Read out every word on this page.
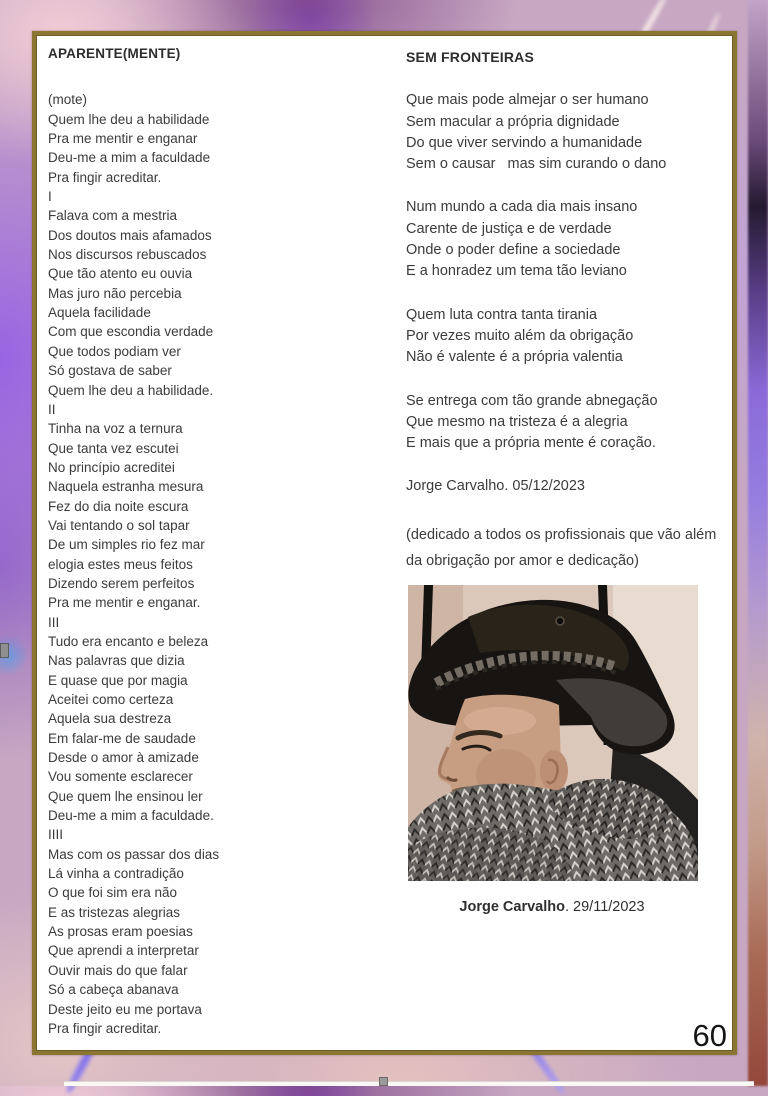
APARENTE(MENTE)
(mote)
Quem lhe deu a habilidade
Pra me mentir e enganar
Deu-me a mim a faculdade
Pra fingir acreditar.
I
Falava com a mestria
Dos doutos mais afamados
Nos discursos rebuscados
Que tão atento eu ouvia
Mas juro não percebia
Aquela facilidade
Com que escondia verdade
Que todos podiam ver
Só gostava de saber
Quem lhe deu a habilidade.
II
Tinha na voz a ternura
Que tanta vez escutei
No princípio acreditei
Naquela estranha mesura
Fez do dia noite escura
Vai tentando o sol tapar
De um simples rio fez mar
elogia estes meus feitos
Dizendo serem perfeitos
Pra me mentir e enganar.
III
Tudo era encanto e beleza
Nas palavras que dizia
E quase que por magia
Aceitei como certeza
Aquela sua destreza
Em falar-me de saudade
Desde o amor à amizade
Vou somente esclarecer
Que quem lhe ensinou ler
Deu-me a mim a faculdade.
IIII
Mas com os passar dos dias
Lá vinha a contradição
O que foi sim era não
E as tristezas alegrias
As prosas eram poesias
Que aprendi a interpretar
Ouvir mais do que falar
Só a cabeça abanava
Deste jeito eu me portava
Pra fingir acreditar.
SEM FRONTEIRAS
Que mais pode almejar o ser humano
Sem macular a própria dignidade
Do que viver servindo a humanidade
Sem o causar   mas sim curando o dano
Num mundo a cada dia mais insano
Carente de justiça e de verdade
Onde o poder define a sociedade
E a honradez um tema tão leviano
Quem luta contra tanta tirania
Por vezes muito além da obrigação
Não é valente é a própria valentia
Se entrega com tão grande abnegação
Que mesmo na tristeza é a alegria
E mais que a própria mente é coração.
Jorge Carvalho. 05/12/2023
(dedicado a todos os profissionais que vão além
da obrigação por amor e dedicação)
Jorge Carvalho. 29/11/2023
60
